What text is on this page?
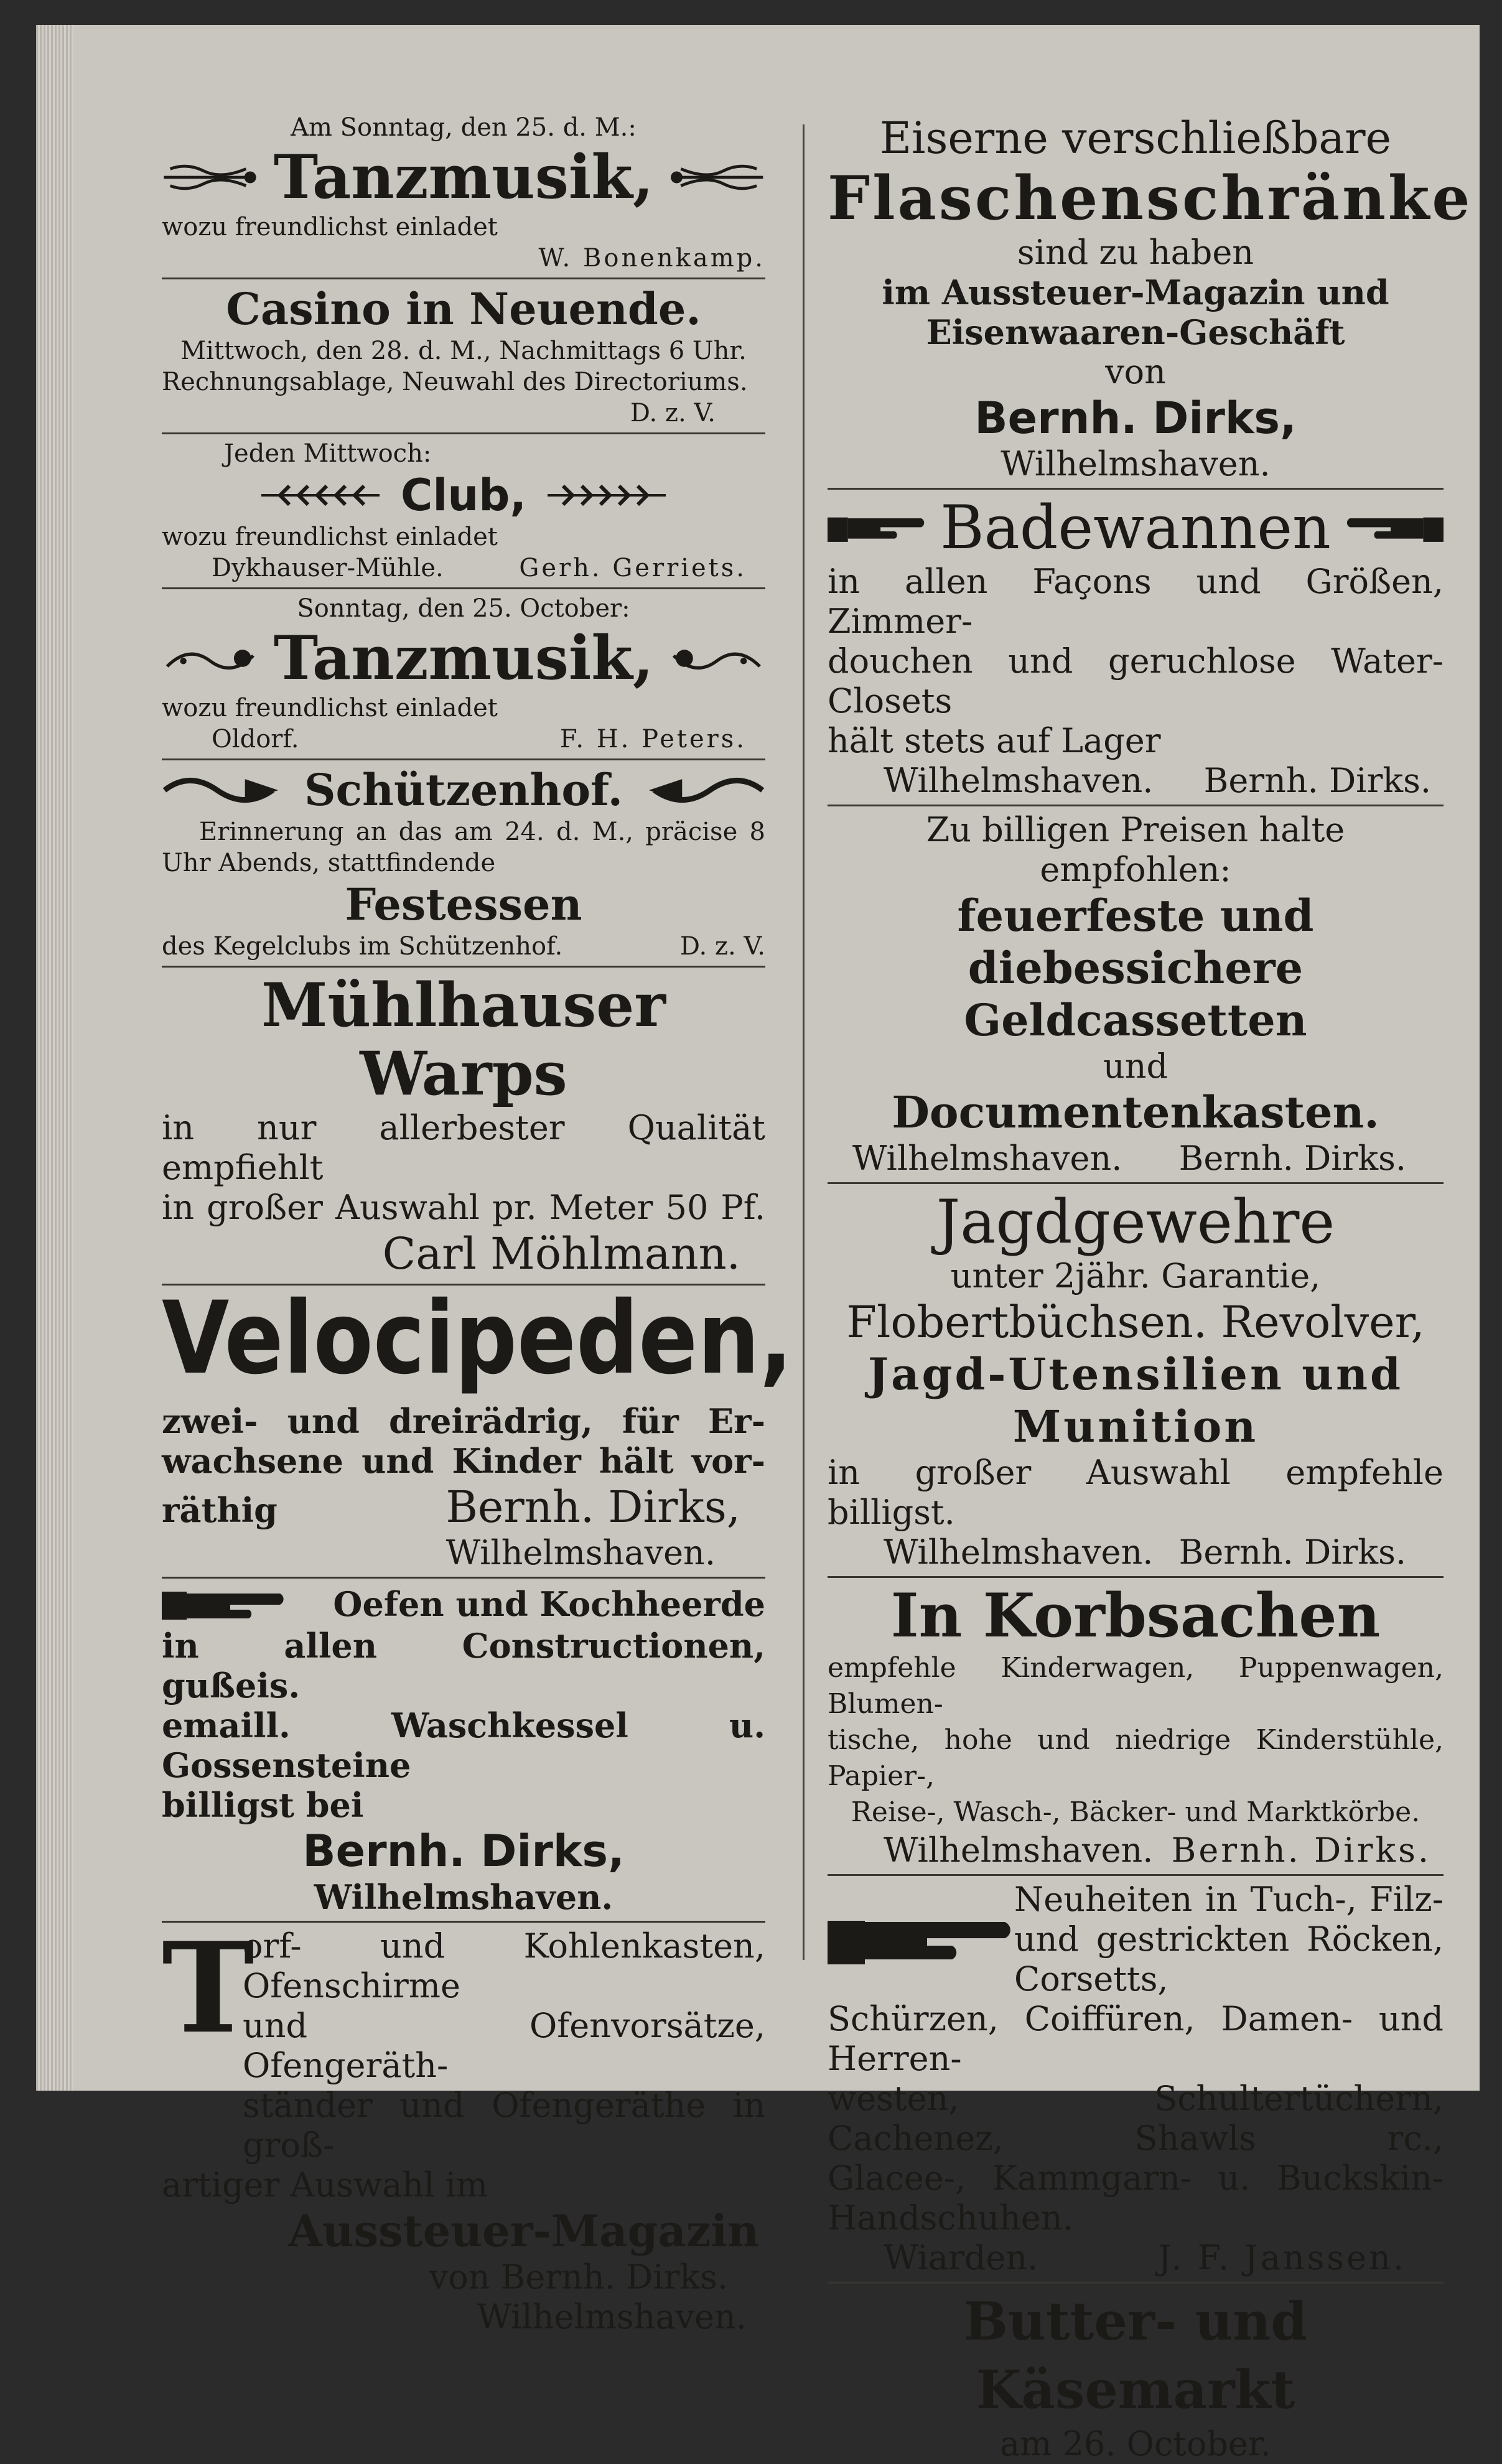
Am Sonntag, den 25. d. M.:
Tanzmusik,
wozu freundlichst einladet
W. Bonenkamp.
Casino in Neuende.
Mittwoch, den 28. d. M., Nachmittags 6 Uhr.
Rechnungsablage, Neuwahl des Directoriums.
D. z. V.
Jeden Mittwoch:
Club,
wozu freundlichst einladet
Dykhauser-Mühle.	Gerh. Gerriets.
Sonntag, den 25. October:
Tanzmusik,
wozu freundlichst einladet
Oldorf.	F. H. Peters.
Schützenhof.
Erinnerung an das am 24. d. M., präcise 8
Uhr Abends, stattfindende
Festessen
des Kegelclubs im Schützenhof.	D. z. V.
Mühlhauser Warps
in nur allerbester Qualität empfiehlt
in großer Auswahl pr. Meter 50 Pf.
Carl Möhlmann.
Velocipeden,
zwei- und dreirädrig, für Er-
wachsene und Kinder hält vor-
räthig	Bernh. Dirks,
Wilhelmshaven.
Oefen und Kochheerde
in allen Constructionen, gußeis.
emaill. Waschkessel u. Gossensteine
billigst bei
Bernh. Dirks,
Wilhelmshaven.
T
orf- und Kohlenkasten, Ofenschirme
und Ofenvorsätze, Ofengeräth-
ständer und Ofengeräthe in groß-
artiger Auswahl im
Aussteuer-Magazin
von Bernh. Dirks.
Wilhelmshaven.
Eiserne verschließbare
Flaschenschränke
sind zu haben
im Aussteuer-Magazin und
Eisenwaaren-Geschäft
von
Bernh. Dirks,
Wilhelmshaven.
Badewannen
in allen Façons und Größen, Zimmer-
douchen und geruchlose Water-Closets
hält stets auf Lager
Wilhelmshaven. Bernh. Dirks.
Zu billigen Preisen halte empfohlen:
feuerfeste und diebessichere
Geldcassetten
und
Documentenkasten.
Wilhelmshaven. Bernh. Dirks.
Jagdgewehre
unter 2jähr. Garantie,
Flobertbüchsen. Revolver,
Jagd-Utensilien und
Munition
in großer Auswahl empfehle billigst.
Wilhelmshaven. Bernh. Dirks.
In Korbsachen
empfehle Kinderwagen, Puppenwagen, Blumen-
tische, hohe und niedrige Kinderstühle, Papier-,
Reise-, Wasch-, Bäcker- und Marktkörbe.
Wilhelmshaven. Bernh. Dirks.
Neuheiten in Tuch-, Filz-
und gestrickten Röcken, Corsetts,
Schürzen, Coiffüren, Damen- und Herren-
westen, Schultertüchern, Cachenez, Shawls rc.,
Glacee-, Kammgarn- u. Buckskin-Handschuhen.
Wiarden.	J. F. Janssen.
Butter- und Käsemarkt
am 26. October.
